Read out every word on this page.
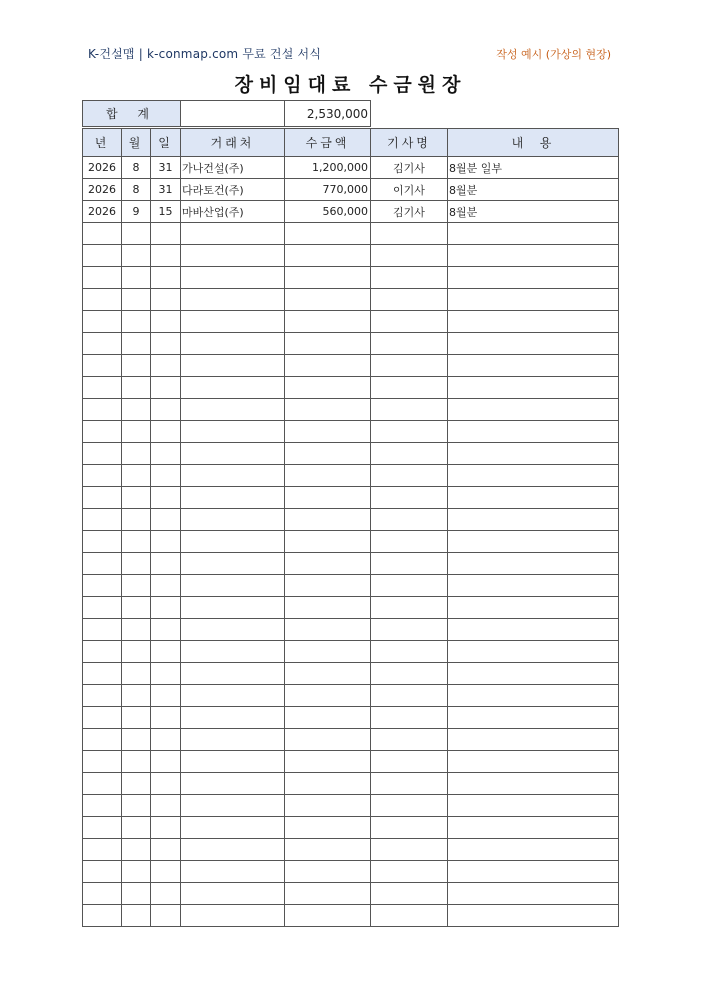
K-건설맵 | k-conmap.com 무료 건설 서식	작성 예시 (가상의 현장)
장비임대료 수금원장
합 계		2,530,000
년	월	일	거래처	수금액	기사명	내  용
2026	8	31	가나건설(주)	1,200,000	김기사	8월분 일부
2026	8	31	다라토건(주)	770,000	이기사	8월분
2026	9	15	마바산업(주)	560,000	김기사	8월분
